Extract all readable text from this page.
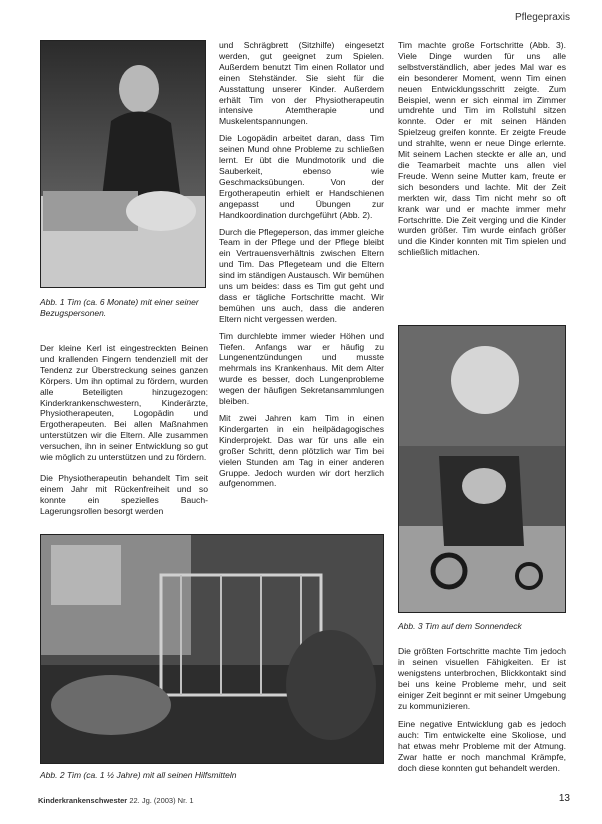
Pflegepraxis
Abb. 1 Tim (ca. 6 Monate) mit einer seiner Bezugspersonen.

Der kleine Kerl ist eingestreckten Beinen und krallenden Fingern tendenziell mit der Tendenz zur Überstreckung seines ganzen Körpers. Um ihn optimal zu fördern, wurden alle Beteiligten hinzugezogen: Kinderkrankenschwestern, Kinderärzte, Physiotherapeuten, Logopädin und Ergotherapeuten. Bei allen Maßnahmen unterstützen wir die Eltern. Alle zusammen versuchen, ihn in seiner Entwicklung so gut wie möglich zu unterstützen und zu fördern.

Die Physiotherapeutin behandelt Tim seit einem Jahr mit Rückenfreiheit und so konnte ein spezielles Bauch-Lagerungsrollen besorgt werden

und Schrägbrett (Sitzhilfe) eingesetzt werden, gut geeignet zum Spielen. Außerdem benutzt Tim einen Rollator und einen Stehständer. Sie sieht für die Ausstattung unserer Kinder. Außerdem erhält Tim von der Physiotherapeutin intensive Atemtherapie und Muskelentspannungen.

Die Logopädin arbeitet daran, dass Tim seinen Mund ohne Probleme zu schließen lernt. Er übt die Mundmotorik und die Sauberkeit, ebenso wie Geschmacksübungen. Von der Ergotherapeutin erhielt er Handschienen angepasst und Übungen zur Handkoordination durchgeführt (Abb. 2).

Durch die Pflegeperson, das immer gleiche Team in der Pflege und der Pflege bleibt ein Vertrauensverhältnis zwischen Eltern und Tim. Das Pflegeteam und die Eltern sind im ständigen Austausch. Wir bemühen uns um beides: dass es Tim gut geht und dass er tägliche Fortschritte macht. Wir bemühen uns auch, dass die anderen Eltern nicht vergessen werden.

Tim durchlebte immer wieder Höhen und Tiefen. Anfangs war er häufig zu Lungenentzündungen und musste mehrmals ins Krankenhaus. Mit dem Alter wurde es besser, doch Lungenprobleme wegen der häufigen Sekretansammlungen bleiben.

Mit zwei Jahren kam Tim in einen Kindergarten in ein heilpädagogisches Kinderprojekt. Das war für uns alle ein großer Schritt, denn plötzlich war Tim bei vielen Stunden am Tag in einer anderen Gruppe. Jedoch wurden wir dort herzlich aufgenommen.

Tim machte große Fortschritte (Abb. 3). Viele Dinge wurden für uns alle selbstverständlich, aber jedes Mal war es ein besonderer Moment, wenn Tim einen neuen Entwicklungsschritt zeigte. Zum Beispiel, wenn er sich einmal im Zimmer umdrehte und Tim im Rollstuhl sitzen konnte. Oder er mit seinen Händen Spielzeug greifen konnte. Er zeigte Freude und strahlte, wenn er neue Dinge erlernte. Mit seinem Lachen steckte er alle an, und die Teamarbeit machte uns allen viel Freude. Wenn seine Mutter kam, freute er sich besonders und lachte. Mit der Zeit merkten wir, dass Tim nicht mehr so oft krank war und er machte immer mehr Fortschritte. Die Zeit verging und die Kinder wurden größer. Tim wurde einfach größer und die Kinder konnten mit Tim spielen und schließlich mitlachen.

Abb. 3 Tim auf dem Sonnendeck

Die größten Fortschritte machte Tim jedoch in seinen visuellen Fähigkeiten. Er ist wenigstens unterbrochen, Blickkontakt sind bei uns keine Probleme mehr, und seit einiger Zeit beginnt er mit seiner Umgebung zu kommunizieren.

Eine negative Entwicklung gab es jedoch auch: Tim entwickelte eine Skoliose, und hat etwas mehr Probleme mit der Atmung. Zwar hatte er noch manchmal Krämpfe, doch diese konnten gut behandelt werden.

Abb. 2 Tim (ca. 1 ½ Jahre) mit all seinen Hilfsmitteln
Kinderkrankenschwester 22. Jg. (2003) Nr. 1	13
